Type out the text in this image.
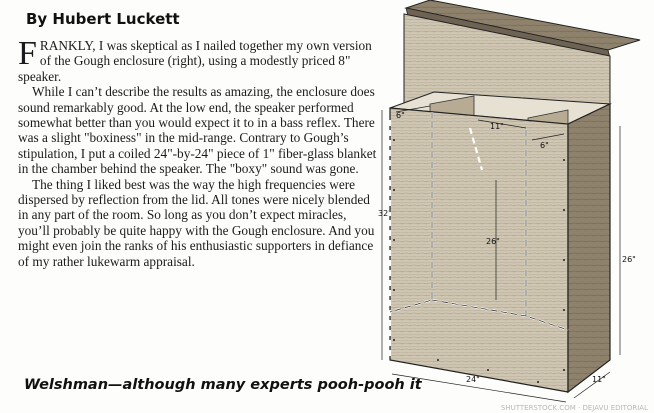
By Hubert Luckett

FRANKLY, I was skeptical as I nailed together my own version of the Gough enclosure (right), using a modestly priced 8" speaker.

While I can’t describe the results as amazing, the enclosure does sound remarkably good. At the low end, the speaker performed somewhat better than you would expect it to in a bass reflex. There was a slight "boxiness" in the mid-range. Contrary to Gough’s stipulation, I put a coiled 24"-by-24" piece of 1" fiber-glass blanket in the chamber behind the speaker. The "boxy" sound was gone.

The thing I liked best was the way the high frequencies were dispersed by reflection from the lid. All tones were nicely blended in any part of the room. So long as you don’t expect miracles, you’ll probably be quite happy with the Gough enclosure. And you might even join the ranks of his enthusiastic supporters in defiance of my rather lukewarm appraisal.

Welshman—although many experts pooh-pooh it
6"
11"
6"
32"
26"
26"
24"	11"
SHUTTERSTOCK.COM · DEJAVU EDITORIAL
